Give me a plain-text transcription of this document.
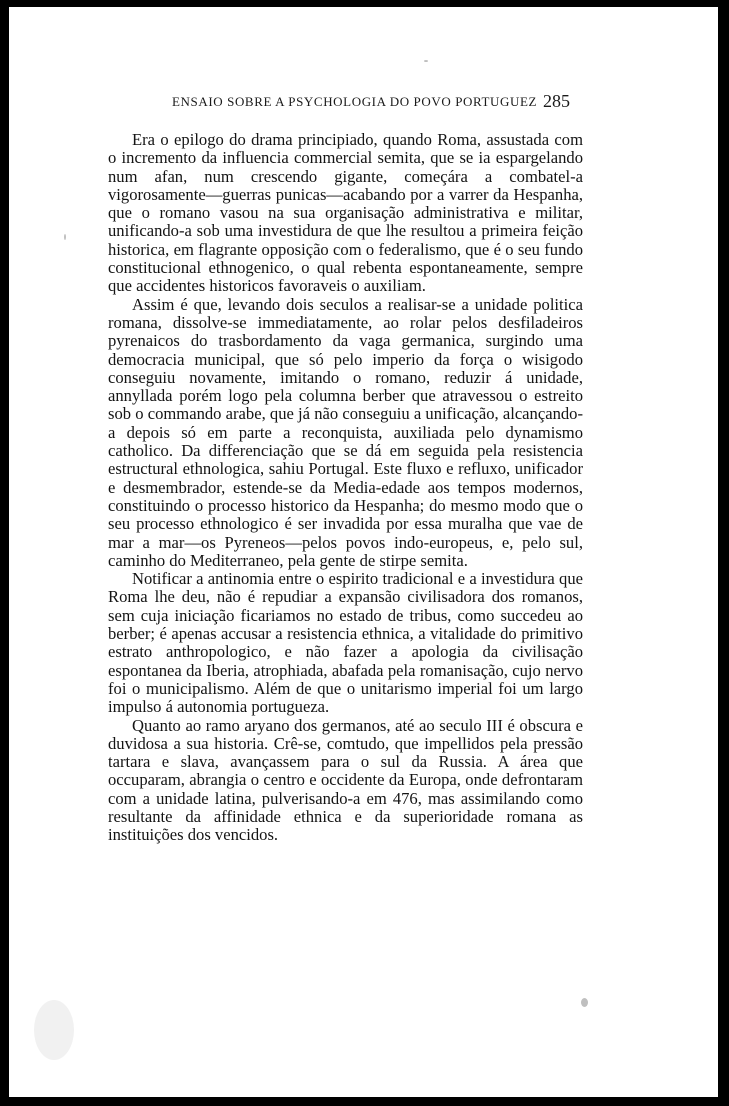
ENSAIO SOBRE A PSYCHOLOGIA DO POVO PORTUGUEZ 285

Era o epilogo do drama principiado, quando Roma, assustada com o incremento da influencia commercial semita, que se ia espargelando num afan, num crescendo gigante, começára a combatel-a vigorosamente—guerras punicas—acabando por a varrer da Hespanha, que o romano vasou na sua organisação administrativa e militar, unificando-a sob uma investidura de que lhe resultou a primeira feição historica, em flagrante opposição com o federalismo, que é o seu fundo constitucional ethnogenico, o qual rebenta espontaneamente, sempre que accidentes historicos favoraveis o auxiliam.

Assim é que, levando dois seculos a realisar-se a unidade politica romana, dissolve-se immediatamente, ao rolar pelos desfiladeiros pyrenaicos do trasbordamento da vaga germanica, surgindo uma democracia municipal, que só pelo imperio da força o wisigodo conseguiu novamente, imitando o romano, reduzir á unidade, annyllada porém logo pela columna berber que atravessou o estreito sob o commando arabe, que já não conseguiu a unificação, alcançando-a depois só em parte a reconquista, auxiliada pelo dynamismo catholico. Da differenciação que se dá em seguida pela resistencia estructural ethnologica, sahiu Portugal. Este fluxo e refluxo, unificador e desmembrador, estende-se da Media-edade aos tempos modernos, constituindo o processo historico da Hespanha; do mesmo modo que o seu processo ethnologico é ser invadida por essa muralha que vae de mar a mar—os Pyreneos—pelos povos indo-europeus, e, pelo sul, caminho do Mediterraneo, pela gente de stirpe semita.

Notificar a antinomia entre o espirito tradicional e a investidura que Roma lhe deu, não é repudiar a expansão civilisadora dos romanos, sem cuja iniciação ficariamos no estado de tribus, como succedeu ao berber; é apenas accusar a resistencia ethnica, a vitalidade do primitivo estrato anthropologico, e não fazer a apologia da civilisação espontanea da Iberia, atrophiada, abafada pela romanisação, cujo nervo foi o municipalismo. Além de que o unitarismo imperial foi um largo impulso á autonomia portugueza.

Quanto ao ramo aryano dos germanos, até ao seculo III é obscura e duvidosa a sua historia. Crê-se, comtudo, que impellidos pela pressão tartara e slava, avançassem para o sul da Russia. A área que occuparam, abrangia o centro e occidente da Europa, onde defrontaram com a unidade latina, pulverisando-a em 476, mas assimilando como resultante da affinidade ethnica e da superioridade romana as instituições dos vencidos.
